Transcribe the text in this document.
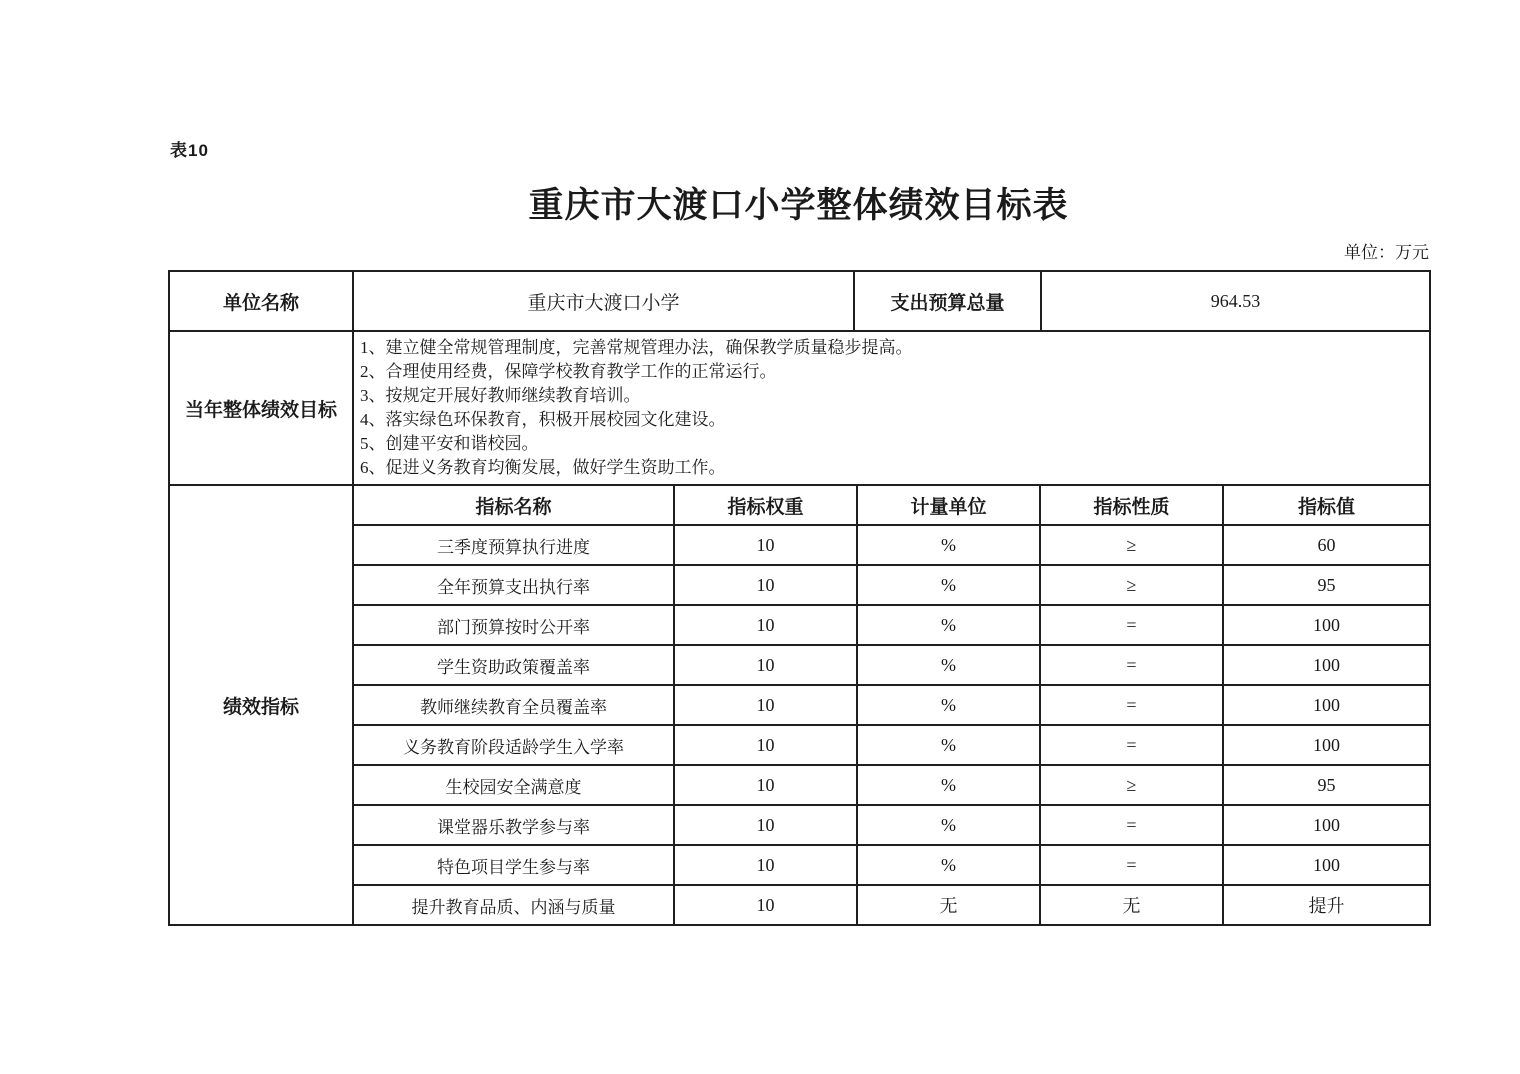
表10
重庆市大渡口小学整体绩效目标表
单位：万元
单位名称	重庆市大渡口小学	支出预算总量	964.53
当年整体绩效目标	
1、建立健全常规管理制度，完善常规管理办法，确保教学质量稳步提高。
2、合理使用经费，保障学校教育教学工作的正常运行。
3、按规定开展好教师继续教育培训。
4、落实绿色环保教育，积极开展校园文化建设。
5、创建平安和谐校园。
6、促进义务教育均衡发展，做好学生资助工作。
绩效指标	指标名称	指标权重	计量单位	指标性质	指标值
	三季度预算执行进度	10	%	≥	60
	全年预算支出执行率	10	%	≥	95
	部门预算按时公开率	10	%	=	100
	学生资助政策覆盖率	10	%	=	100
	教师继续教育全员覆盖率	10	%	=	100
	义务教育阶段适龄学生入学率	10	%	=	100
	生校园安全满意度	10	%	≥	95
	课堂器乐教学参与率	10	%	=	100
	特色项目学生参与率	10	%	=	100
	提升教育品质、内涵与质量	10	无	无	提升
